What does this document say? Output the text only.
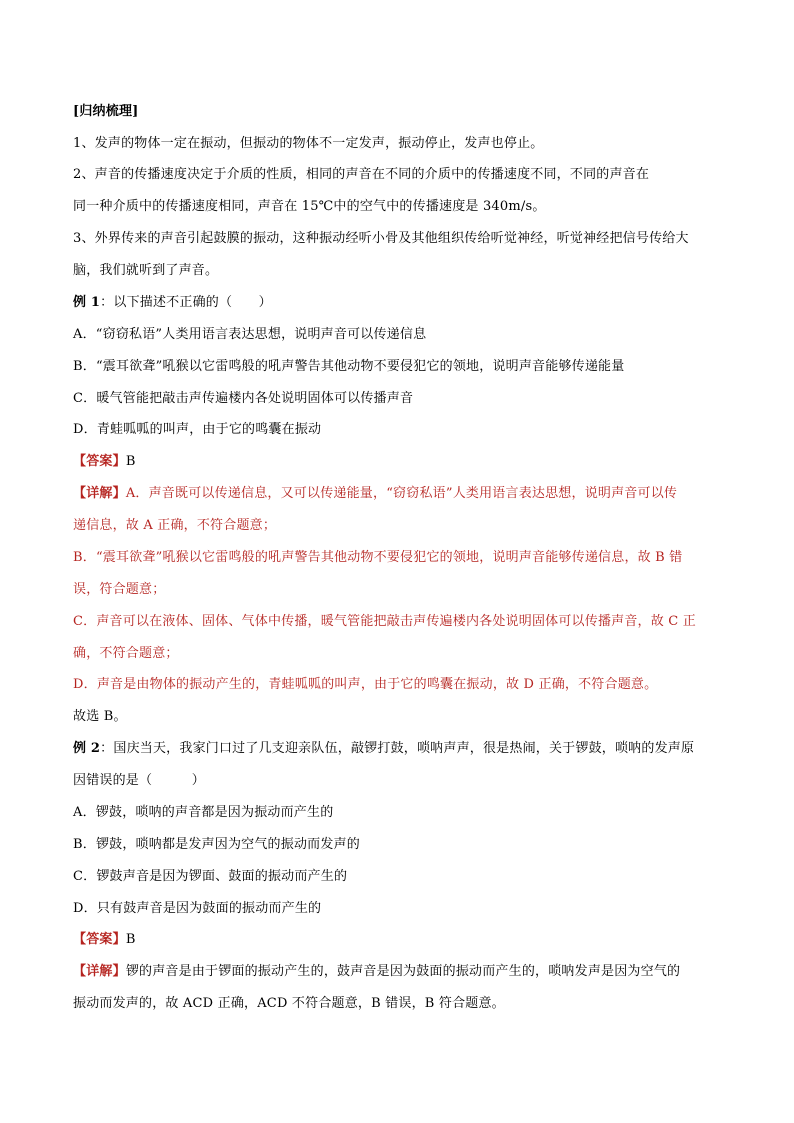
[归纳梳理]
1、发声的物体一定在振动，但振动的物体不一定发声，振动停止，发声也停止。
2、声音的传播速度决定于介质的性质，相同的声音在不同的介质中的传播速度不同，不同的声音在
同一种介质中的传播速度相同，声音在 15℃中的空气中的传播速度是 340m/s。
3、外界传来的声音引起鼓膜的振动，这种振动经听小骨及其他组织传给听觉神经，听觉神经把信号传给大
脑，我们就听到了声音。
例 1：以下描述不正确的（　　）
A．“窃窃私语”人类用语言表达思想，说明声音可以传递信息
B．“震耳欲聋”吼猴以它雷鸣般的吼声警告其他动物不要侵犯它的领地，说明声音能够传递能量
C．暖气管能把敲击声传遍楼内各处说明固体可以传播声音
D．青蛙呱呱的叫声，由于它的鸣囊在振动
【答案】B
【详解】A．声音既可以传递信息，又可以传递能量，“窃窃私语”人类用语言表达思想，说明声音可以传
递信息，故 A 正确，不符合题意；
B．“震耳欲聋”吼猴以它雷鸣般的吼声警告其他动物不要侵犯它的领地，说明声音能够传递信息，故 B 错
误，符合题意；
C．声音可以在液体、固体、气体中传播，暖气管能把敲击声传遍楼内各处说明固体可以传播声音，故 C 正
确，不符合题意；
D．声音是由物体的振动产生的，青蛙呱呱的叫声，由于它的鸣囊在振动，故 D 正确，不符合题意。
故选 B。
例 2：国庆当天，我家门口过了几支迎亲队伍，敲锣打鼓，唢呐声声，很是热闹，关于锣鼓，唢呐的发声原
因错误的是（　　　）
A．锣鼓，唢呐的声音都是因为振动而产生的
B．锣鼓，唢呐都是发声因为空气的振动而发声的
C．锣鼓声音是因为锣面、鼓面的振动而产生的
D．只有鼓声音是因为鼓面的振动而产生的
【答案】B
【详解】锣的声音是由于锣面的振动产生的，鼓声音是因为鼓面的振动而产生的，唢呐发声是因为空气的
振动而发声的，故 ACD 正确，ACD 不符合题意，B 错误，B 符合题意。
